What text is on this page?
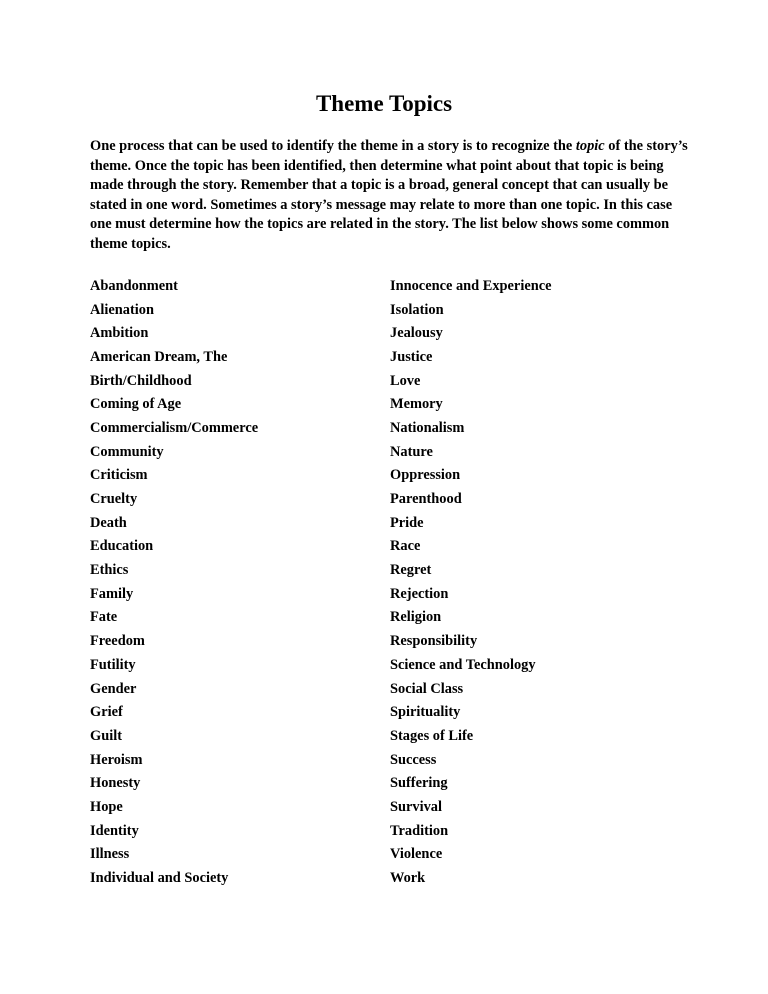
Theme Topics

One process that can be used to identify the theme in a story is to recognize the topic of the story’s theme. Once the topic has been identified, then determine what point about that topic is being made through the story. Remember that a topic is a broad, general concept that can usually be stated in one word. Sometimes a story’s message may relate to more than one topic. In this case one must determine how the topics are related in the story. The list below shows some common theme topics.

Abandonment	Innocence and Experience
Alienation	Isolation
Ambition	Jealousy
American Dream, The	Justice
Birth/Childhood	Love
Coming of Age	Memory
Commercialism/Commerce	Nationalism
Community	Nature
Criticism	Oppression
Cruelty	Parenthood
Death	Pride
Education	Race
Ethics	Regret
Family	Rejection
Fate	Religion
Freedom	Responsibility
Futility	Science and Technology
Gender	Social Class
Grief	Spirituality
Guilt	Stages of Life
Heroism	Success
Honesty	Suffering
Hope	Survival
Identity	Tradition
Illness	Violence
Individual and Society	Work
